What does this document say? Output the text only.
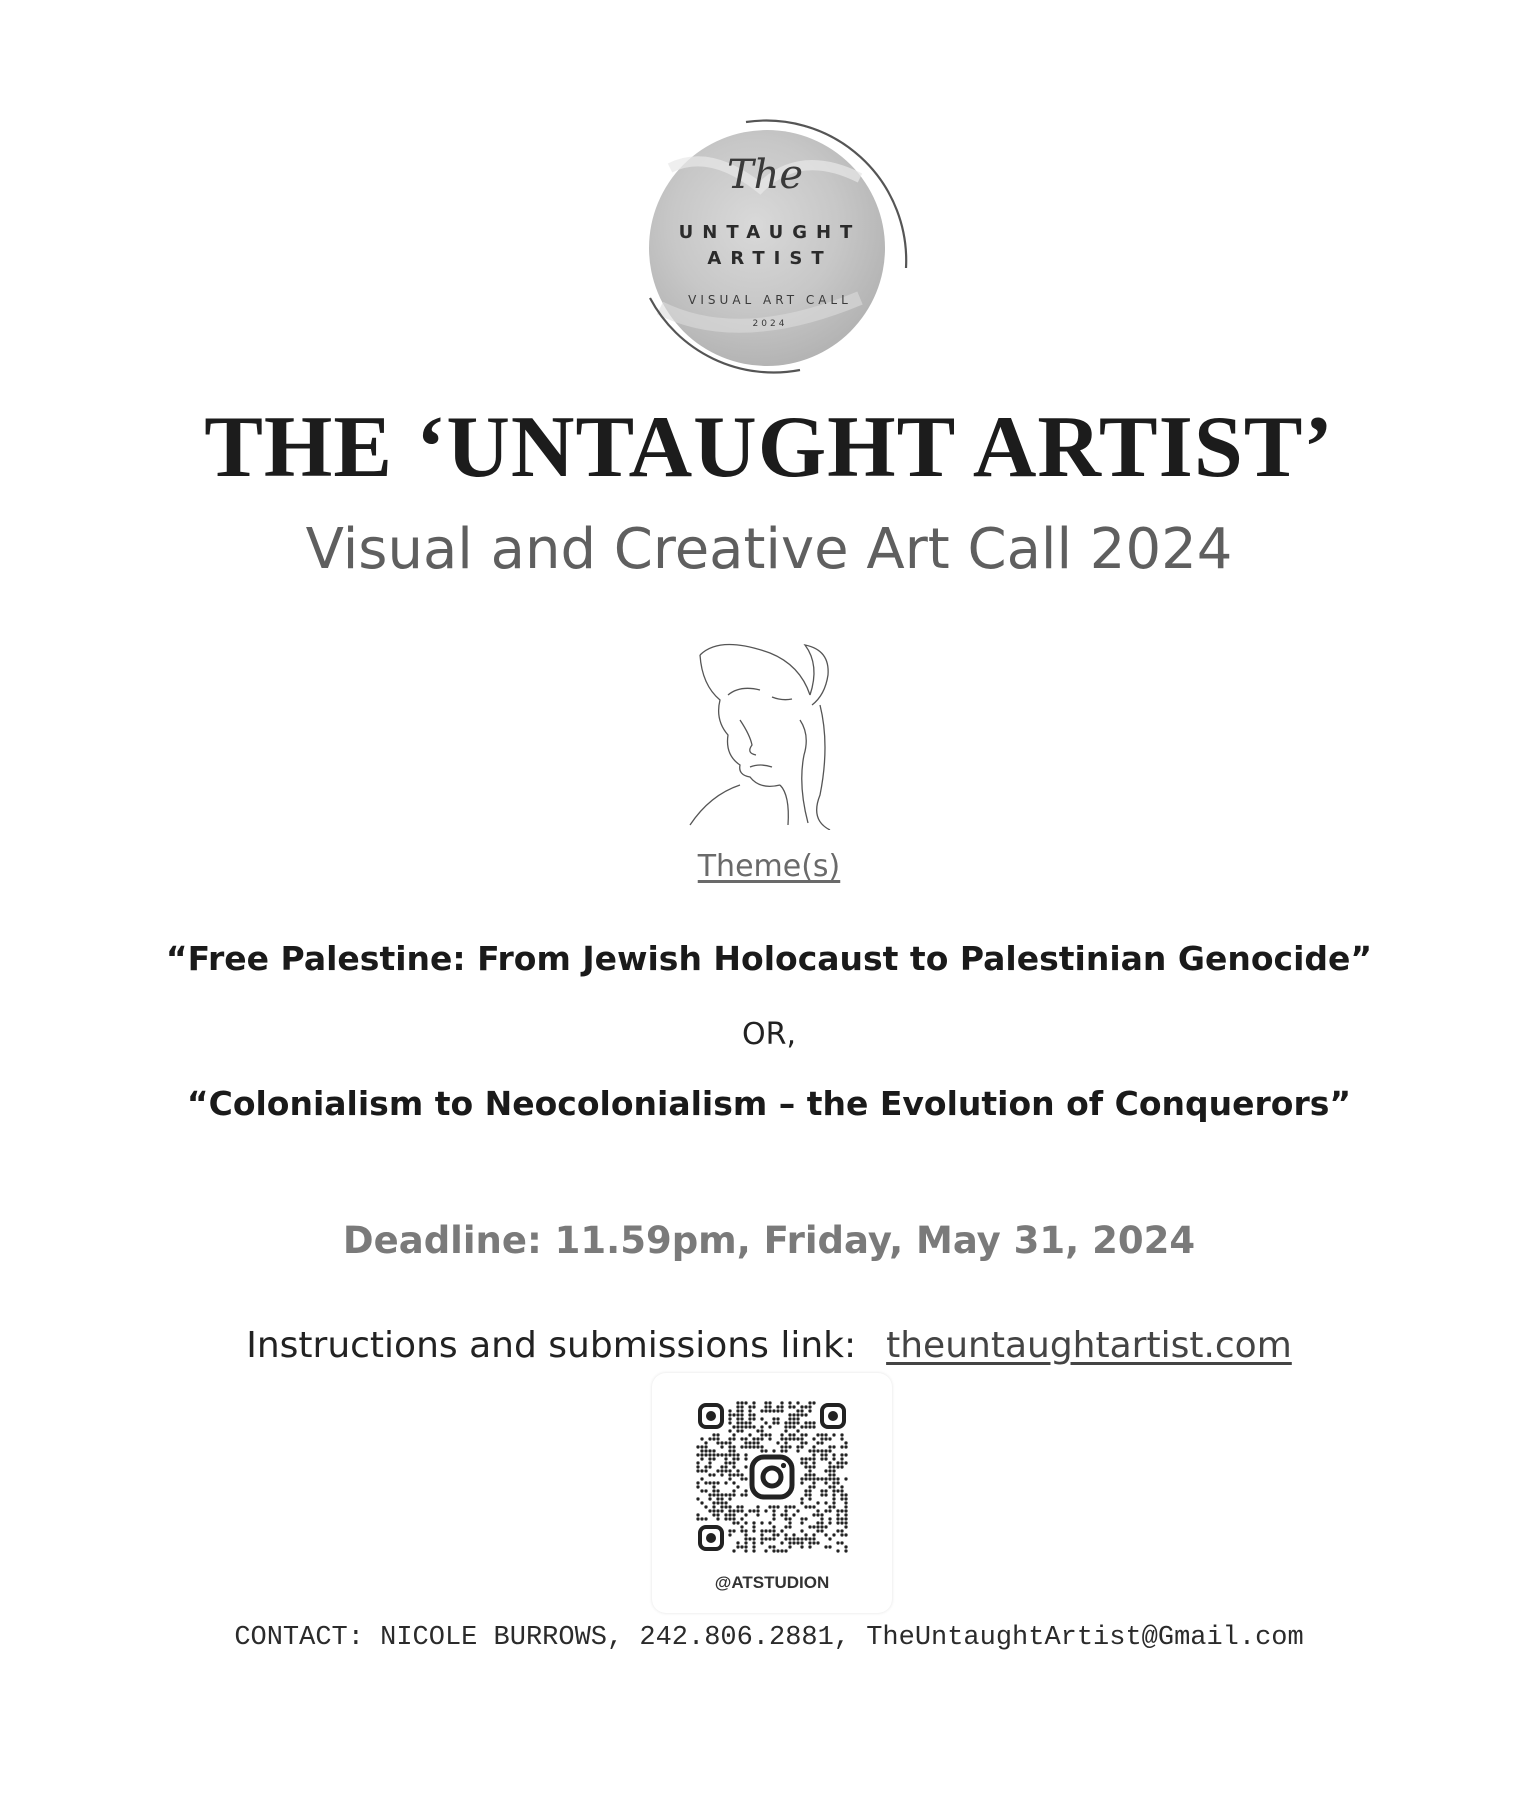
The
UNTAUGHT
ARTIST
VISUAL ART CALL
2024
THE ‘UNTAUGHT ARTIST’
Visual and Creative Art Call 2024
Theme(s)
“Free Palestine: From Jewish Holocaust to Palestinian Genocide”
OR,
“Colonialism to Neocolonialism – the Evolution of Conquerors”
Deadline: 11.59pm, Friday, May 31, 2024
Instructions and submissions link: theuntaughtartist.com
@ATSTUDION
CONTACT: NICOLE BURROWS, 242.806.2881, TheUntaughtArtist@Gmail.com
